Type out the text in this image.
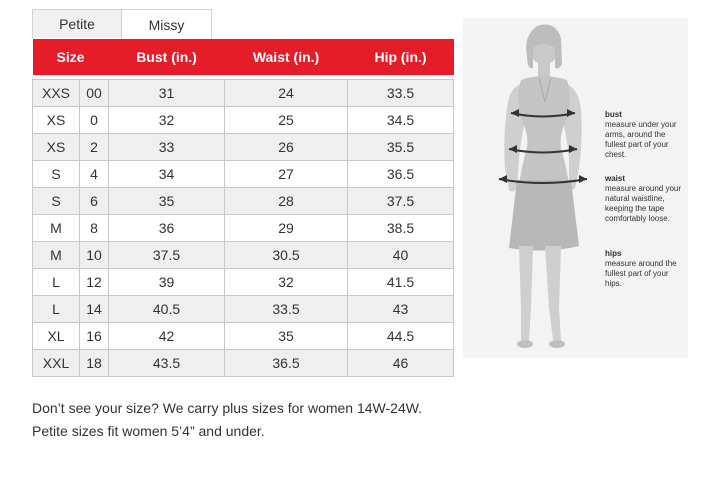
Petite	Missy
Size		Bust (in.)	Waist (in.)	Hip (in.)

XXS	00	31	24	33.5
XS	0	32	25	34.5
XS	2	33	26	35.5
S	4	34	27	36.5
S	6	35	28	37.5
M	8	36	29	38.5
M	10	37.5	30.5	40
L	12	39	32	41.5
L	14	40.5	33.5	43
XL	16	42	35	44.5
XXL	18	43.5	36.5	46
Don’t see your size? We carry plus sizes for women 14W-24W.
Petite sizes fit women 5’4” and under.
bust
measure under your arms, around the fullest part of your chest.
waist
measure around your natural waistline, keeping the tape comfortably loose.
hips
measure around the fullest part of your hips.
